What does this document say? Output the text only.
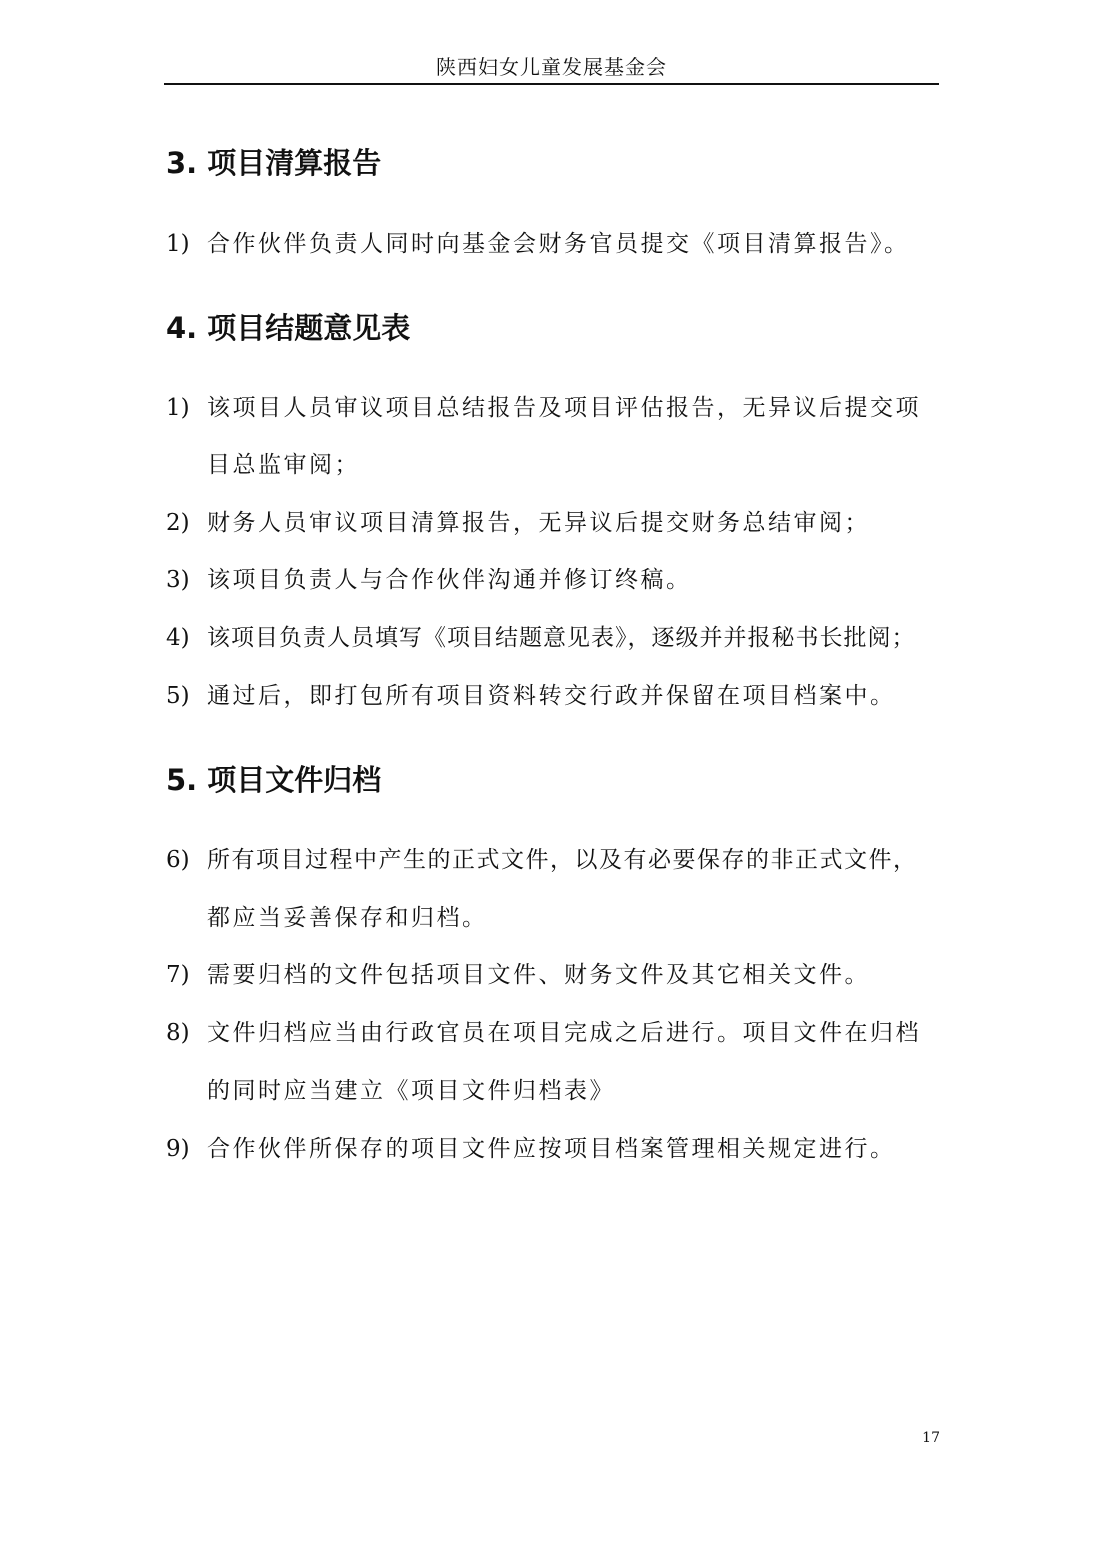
陕西妇女儿童发展基金会
3. 项目清算报告
1) 合作伙伴负责人同时向基金会财务官员提交《项目清算报告》。
4. 项目结题意见表
1) 该项目人员审议项目总结报告及项目评估报告，无异议后提交项
目总监审阅；
2) 财务人员审议项目清算报告，无异议后提交财务总结审阅；
3) 该项目负责人与合作伙伴沟通并修订终稿。
4) 该项目负责人员填写《项目结题意见表》，逐级并并报秘书长批阅；
5) 通过后，即打包所有项目资料转交行政并保留在项目档案中。
5. 项目文件归档
6) 所有项目过程中产生的正式文件，以及有必要保存的非正式文件，
都应当妥善保存和归档。
7) 需要归档的文件包括项目文件、财务文件及其它相关文件。
8) 文件归档应当由行政官员在项目完成之后进行。项目文件在归档
的同时应当建立《项目文件归档表》
9) 合作伙伴所保存的项目文件应按项目档案管理相关规定进行。
17
